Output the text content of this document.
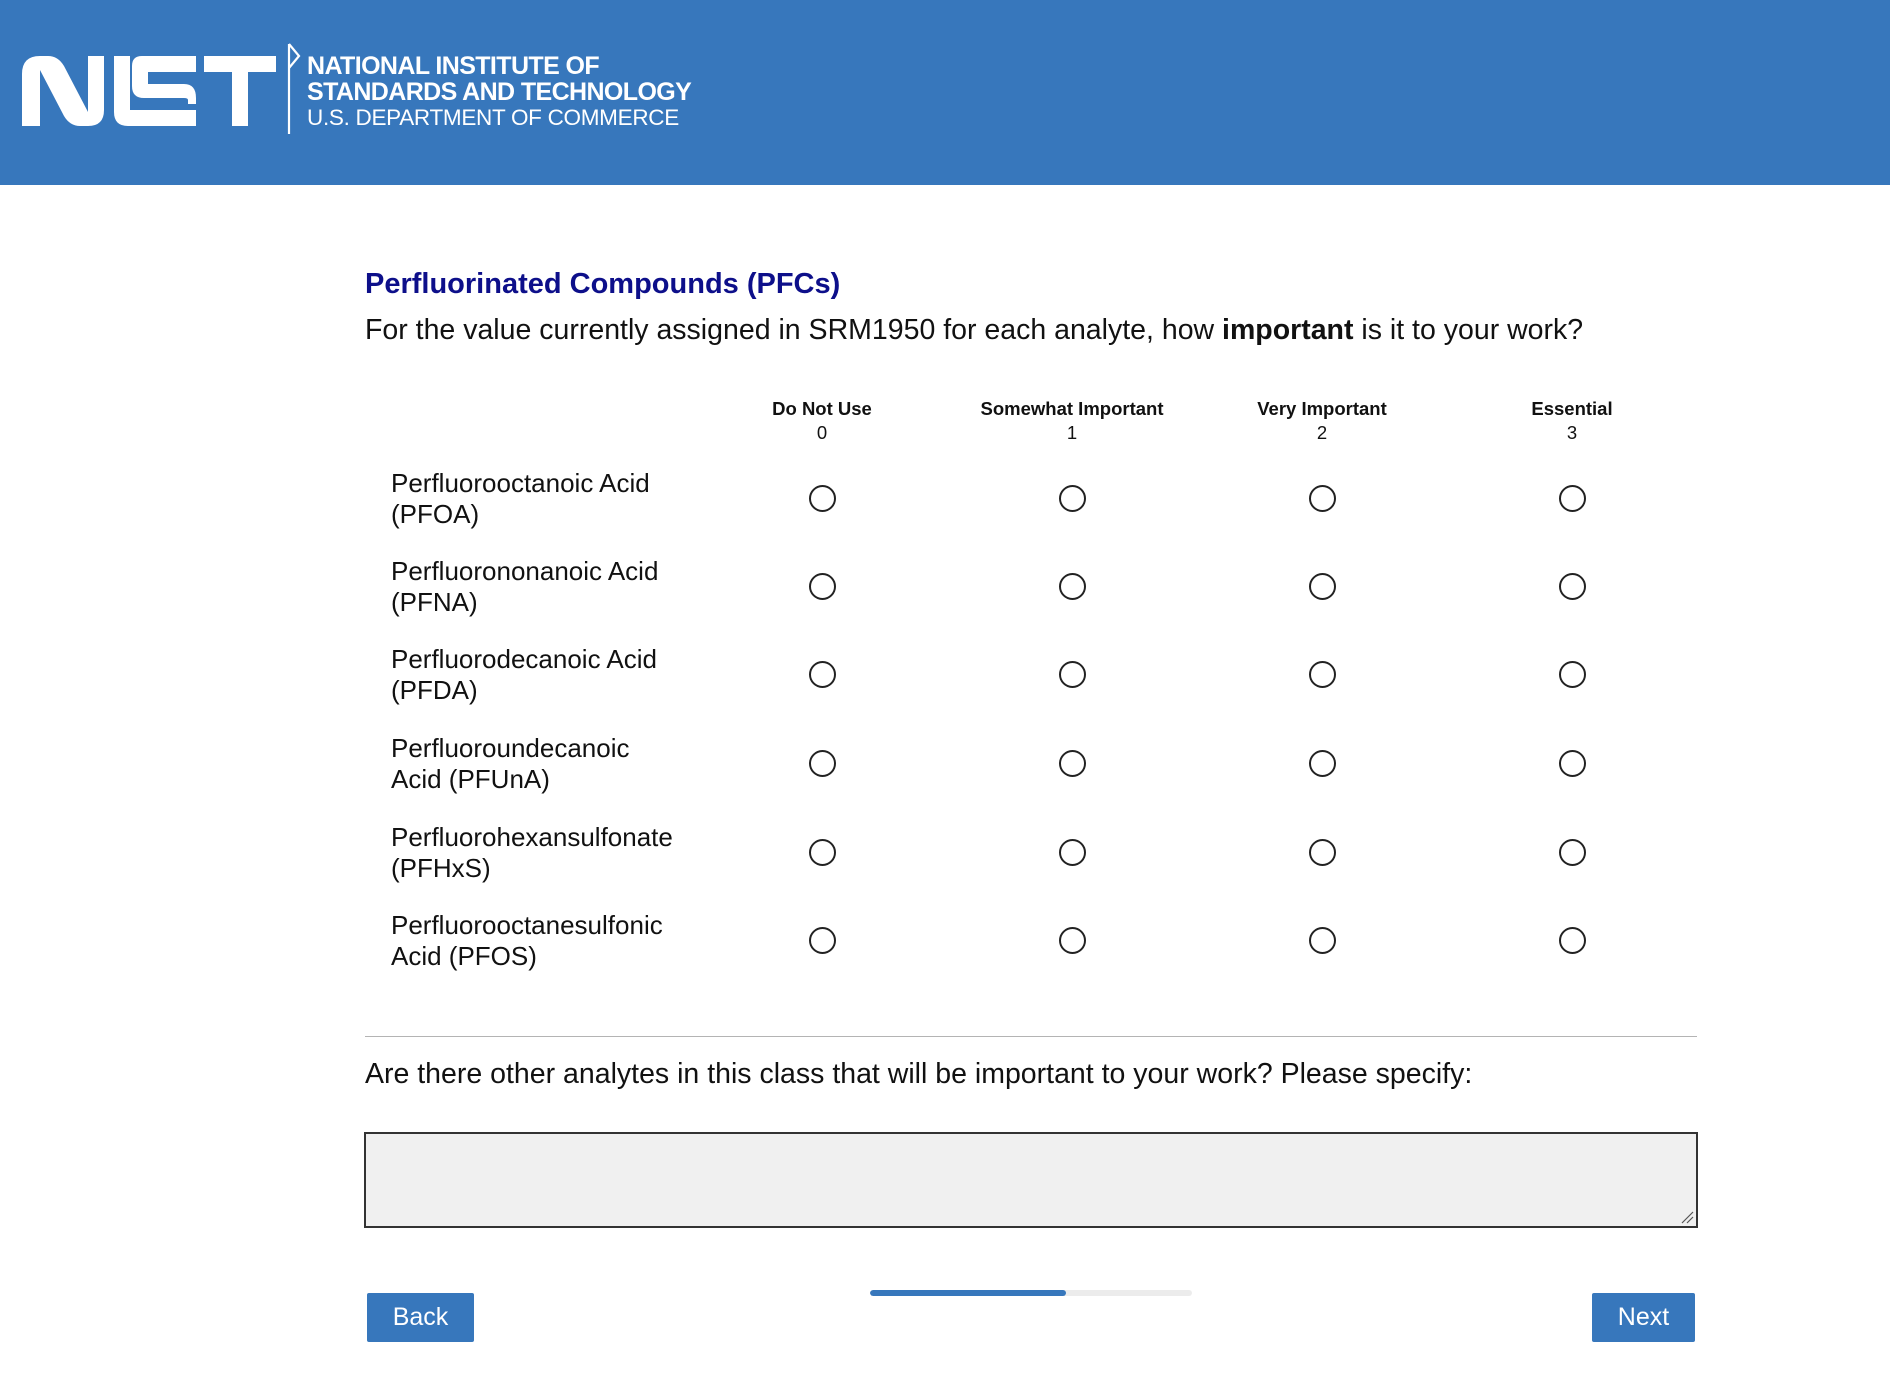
NATIONAL INSTITUTE OF
STANDARDS AND TECHNOLOGY
U.S. DEPARTMENT OF COMMERCE
Perfluorinated Compounds (PFCs)
For the value currently assigned in SRM1950 for each analyte, how important is it to your work?
Are there other analytes in this class that will be important to your work? Please specify:
Back	Next
Do Not Use
0
Somewhat Important
1
Very Important
2
Essential
3
Perfluorooctanoic Acid
(PFOA)
Perfluorononanoic Acid
(PFNA)
Perfluorodecanoic Acid
(PFDA)
Perfluoroundecanoic
Acid (PFUnA)
Perfluorohexansulfonate
(PFHxS)
Perfluorooctanesulfonic
Acid (PFOS)
